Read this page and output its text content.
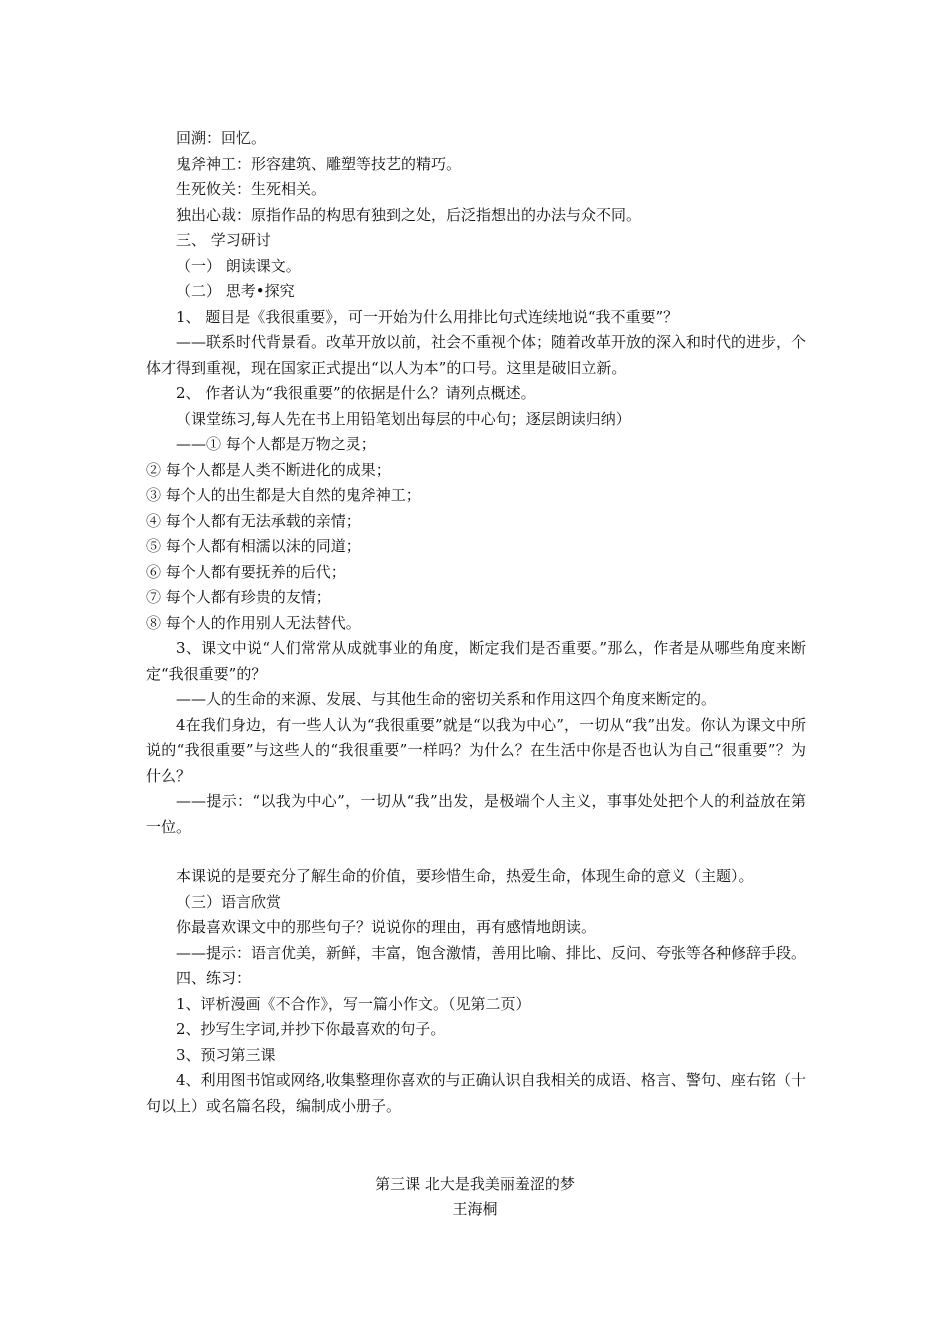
回溯：回忆。

鬼斧神工：形容建筑、雕塑等技艺的精巧。

生死攸关：生死相关。

独出心裁：原指作品的构思有独到之处，后泛指想出的办法与众不同。

三、 学习研讨

（一） 朗读课文。

（二） 思考•探究

1、 题目是《我很重要》，可一开始为什么用排比句式连续地说“我不重要”？

——联系时代背景看。改革开放以前，社会不重视个体；随着改革开放的深入和时代的进步，个体才得到重视，现在国家正式提出“以人为本”的口号。这里是破旧立新。

2、 作者认为“我很重要”的依据是什么？请列点概述。

（课堂练习,每人先在书上用铅笔划出每层的中心句；逐层朗读归纳）

——① 每个人都是万物之灵；

② 每个人都是人类不断进化的成果；

③ 每个人的出生都是大自然的鬼斧神工；

④ 每个人都有无法承载的亲情；

⑤ 每个人都有相濡以沫的同道；

⑥ 每个人都有要抚养的后代；

⑦ 每个人都有珍贵的友情；

⑧ 每个人的作用别人无法替代。

3、课文中说“人们常常从成就事业的角度，断定我们是否重要。”那么，作者是从哪些角度来断定“我很重要”的？

——人的生命的来源、发展、与其他生命的密切关系和作用这四个角度来断定的。

4在我们身边，有一些人认为“我很重要”就是“以我为中心”，一切从“我”出发。你认为课文中所说的“我很重要”与这些人的“我很重要”一样吗？为什么？在生活中你是否也认为自己“很重要”？为什么？

——提示：“以我为中心”，一切从“我”出发，是极端个人主义，事事处处把个人的利益放在第一位。

本课说的是要充分了解生命的价值，要珍惜生命，热爱生命，体现生命的意义（主题）。

（三）语言欣赏

你最喜欢课文中的那些句子？说说你的理由，再有感情地朗读。

——提示：语言优美，新鲜，丰富，饱含激情，善用比喻、排比、反问、夸张等各种修辞手段。

四、练习：

1、评析漫画《不合作》，写一篇小作文。（见第二页）

2、抄写生字词,并抄下你最喜欢的句子。

3、预习第三课

4、利用图书馆或网络,收集整理你喜欢的与正确认识自我相关的成语、格言、警句、座右铭（十句以上）或名篇名段，编制成小册子。

第三课 北大是我美丽羞涩的梦
王海桐
